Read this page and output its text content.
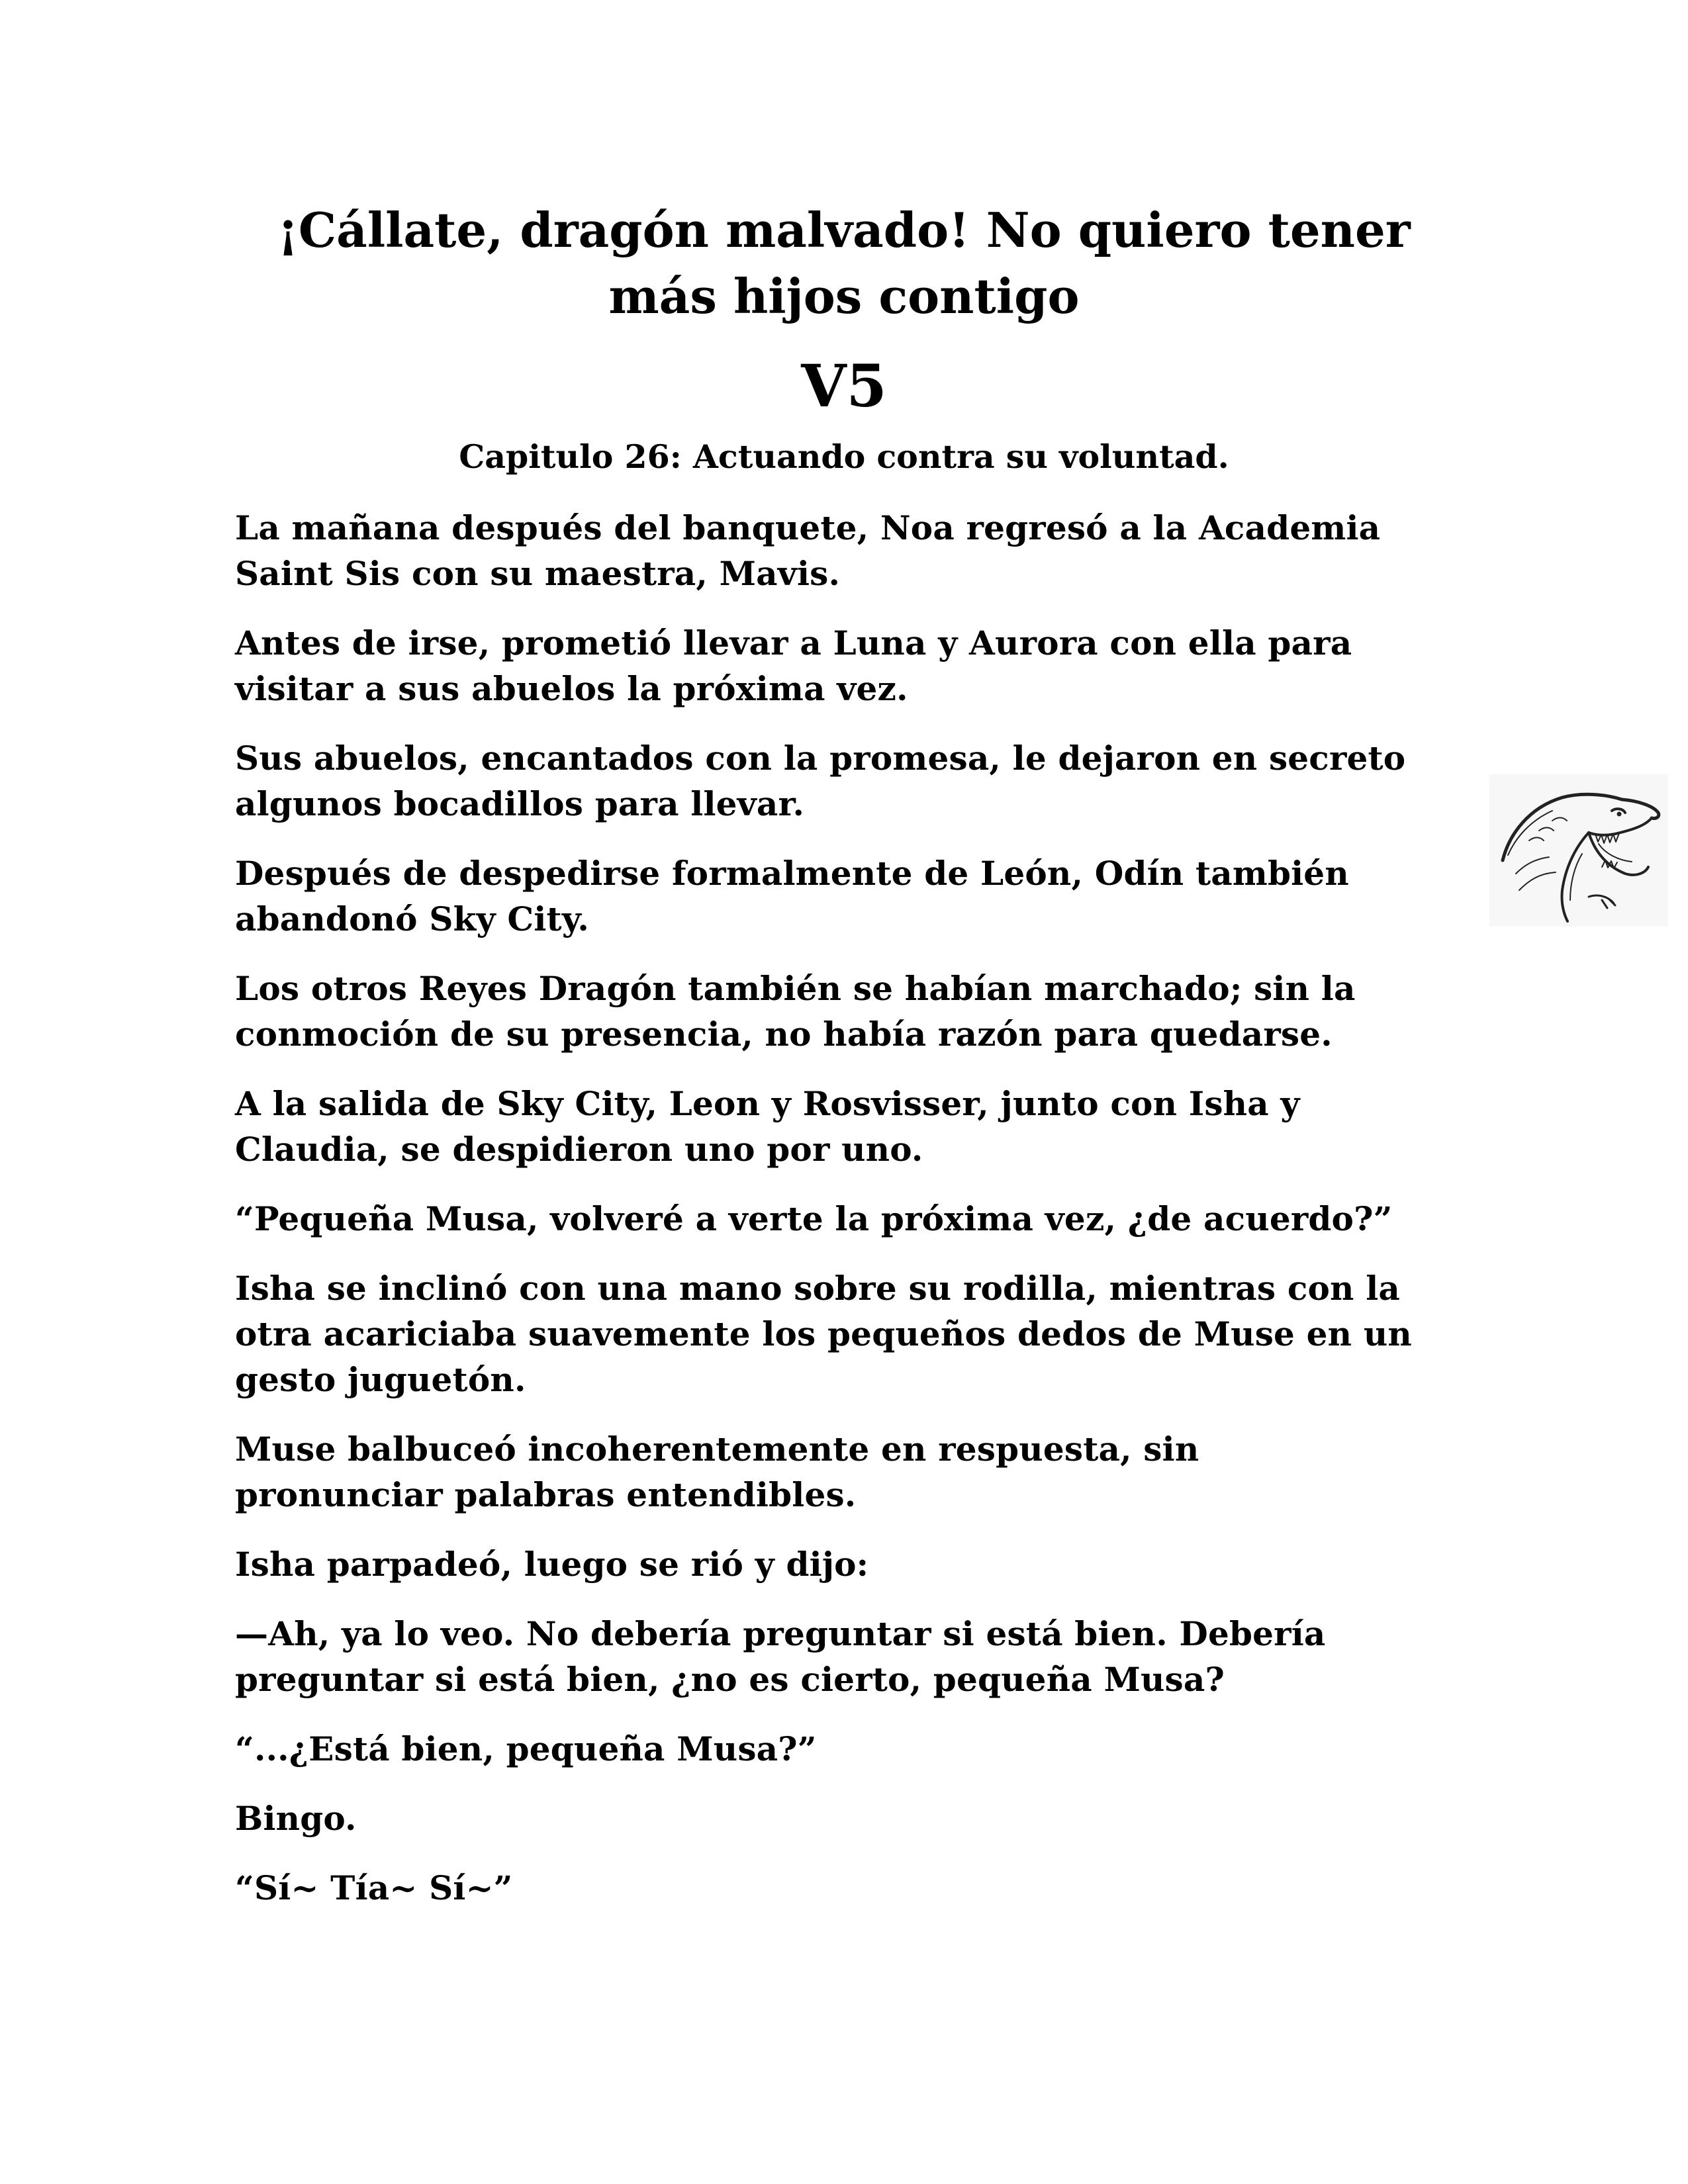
¡Cállate, dragón malvado! No quiero tener
más hijos contigo
V5
Capitulo 26: Actuando contra su voluntad.

La mañana después del banquete, Noa regresó a la Academia
Saint Sis con su maestra, Mavis.

Antes de irse, prometió llevar a Luna y Aurora con ella para
visitar a sus abuelos la próxima vez.

Sus abuelos, encantados con la promesa, le dejaron en secreto
algunos bocadillos para llevar.

Después de despedirse formalmente de León, Odín también
abandonó Sky City.

Los otros Reyes Dragón también se habían marchado; sin la
conmoción de su presencia, no había razón para quedarse.

A la salida de Sky City, Leon y Rosvisser, junto con Isha y
Claudia, se despidieron uno por uno.

“Pequeña Musa, volveré a verte la próxima vez, ¿de acuerdo?”

Isha se inclinó con una mano sobre su rodilla, mientras con la
otra acariciaba suavemente los pequeños dedos de Muse en un
gesto juguetón.

Muse balbuceó incoherentemente en respuesta, sin
pronunciar palabras entendibles.

Isha parpadeó, luego se rió y dijo:

—Ah, ya lo veo. No debería preguntar si está bien. Debería
preguntar si está bien, ¿no es cierto, pequeña Musa?

“...¿Está bien, pequeña Musa?”

Bingo.

“Sí~ Tía~ Sí~”
